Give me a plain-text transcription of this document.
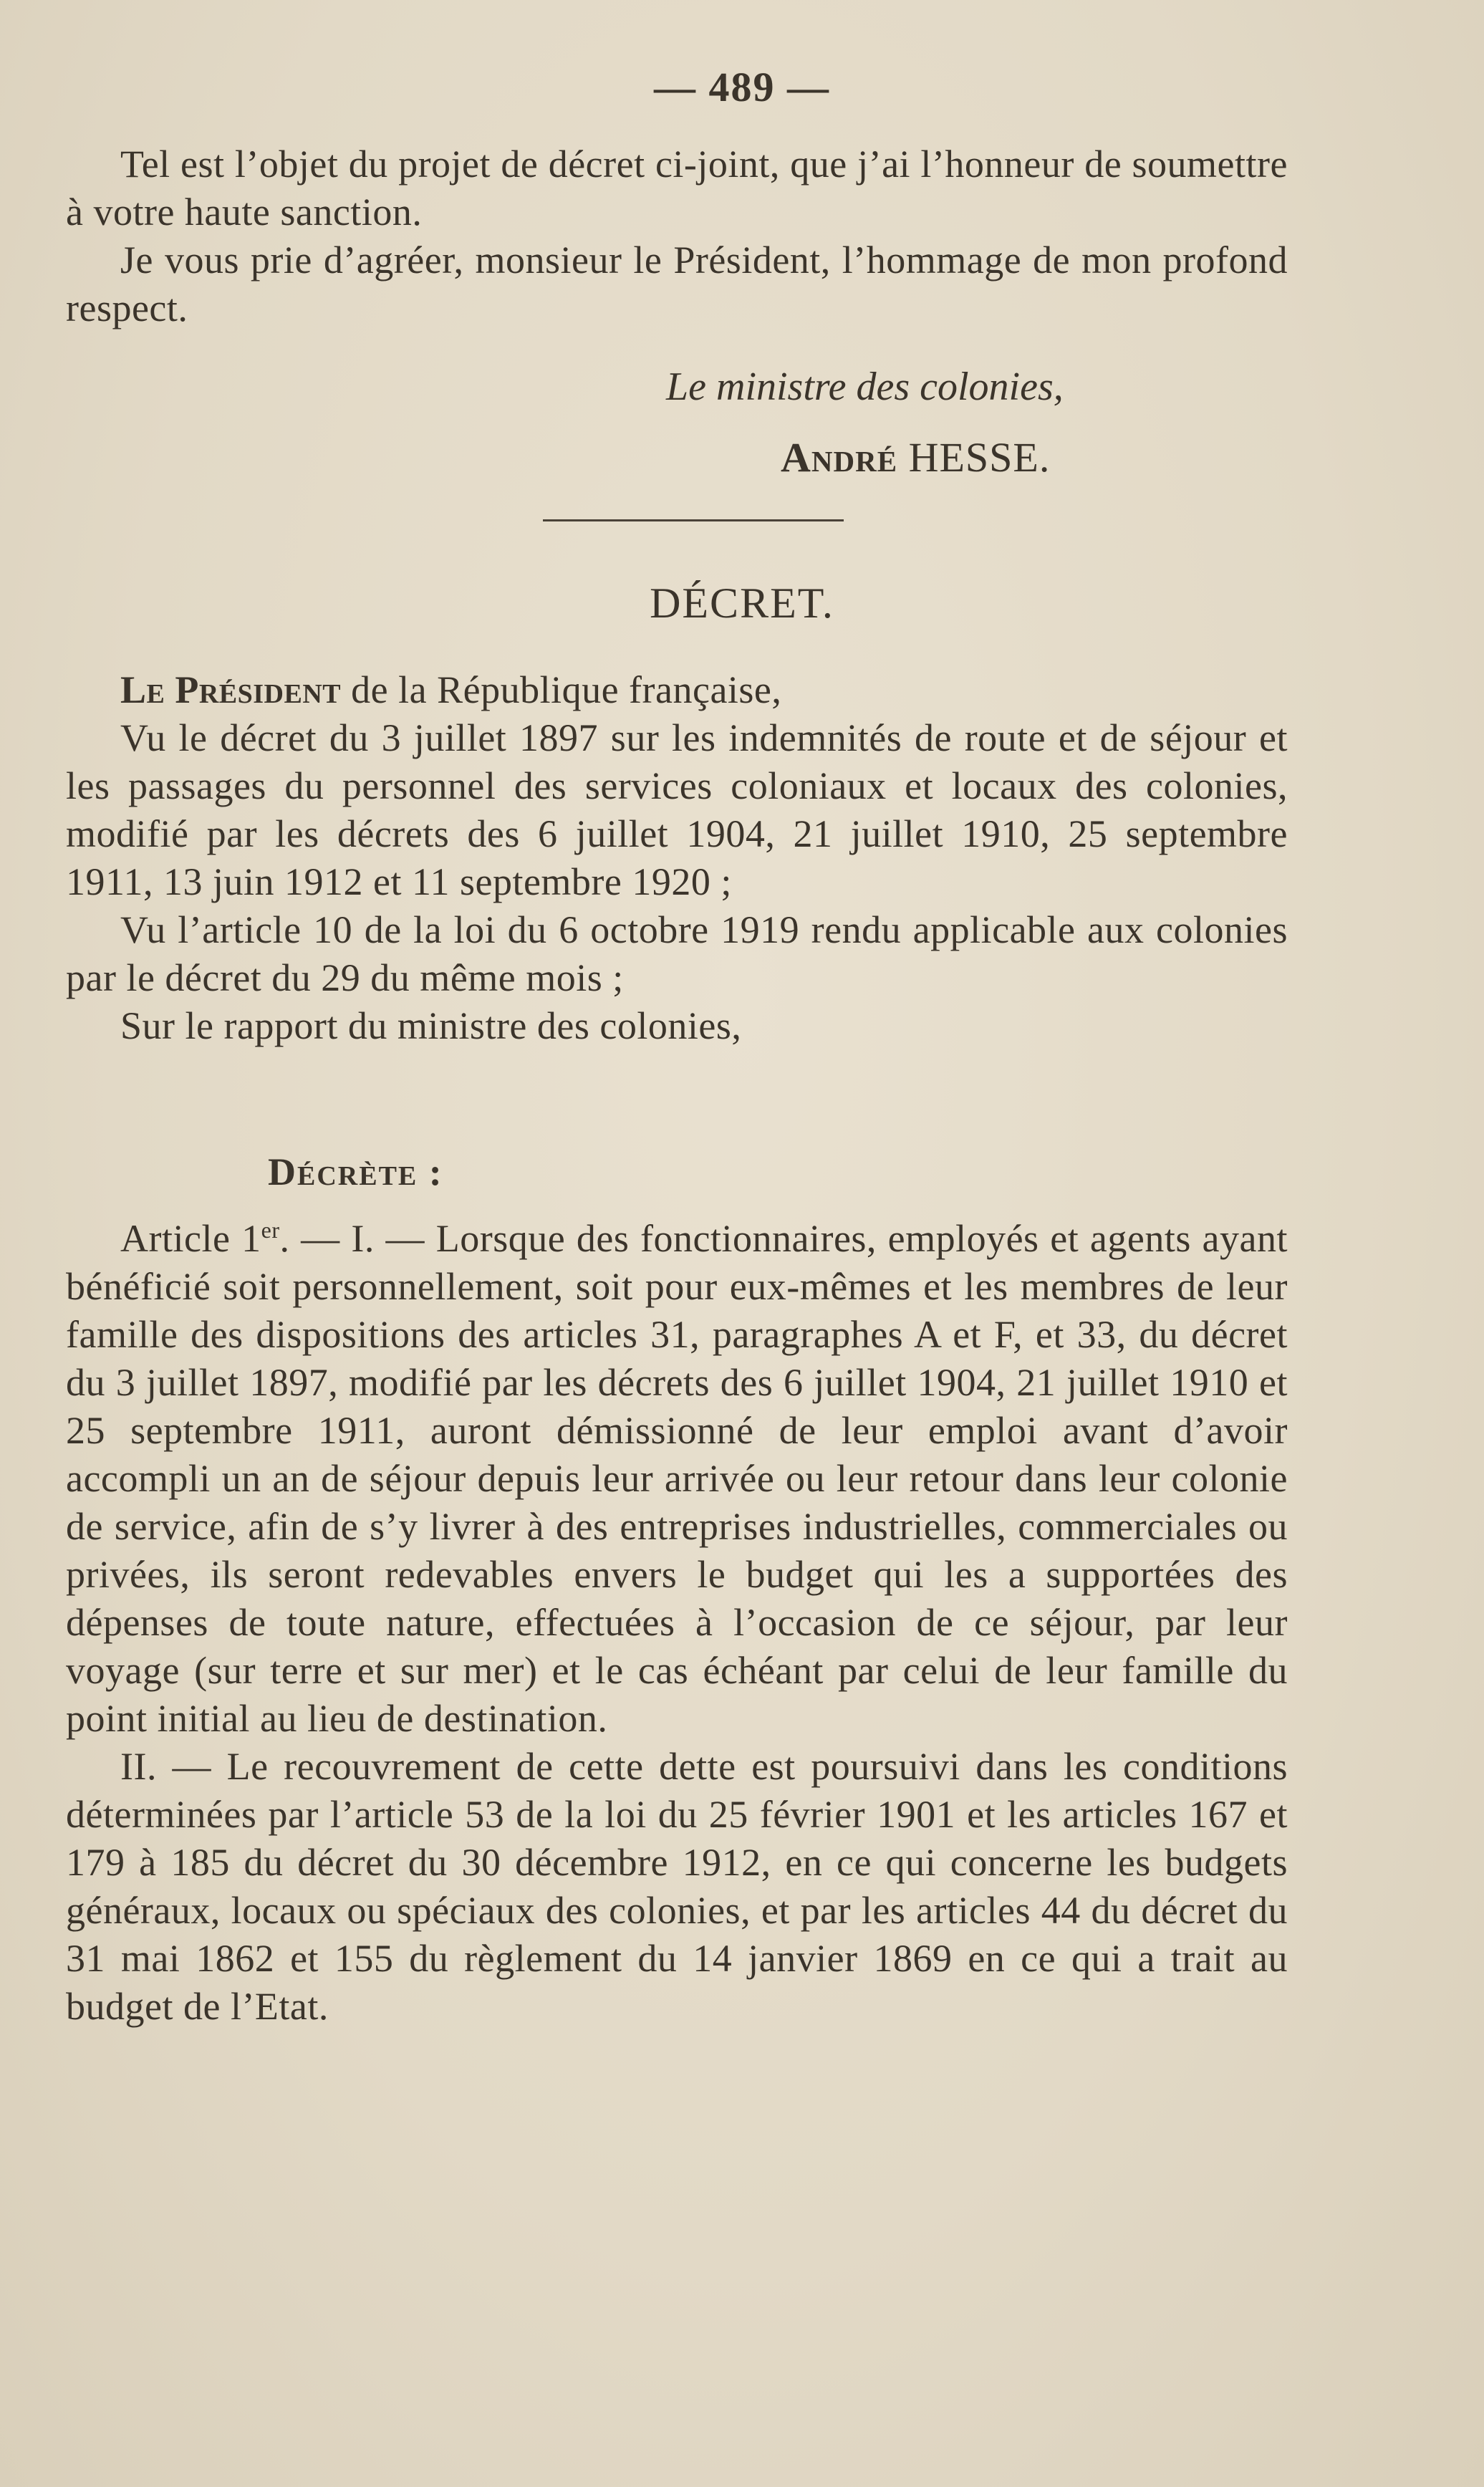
— 489 —

Tel est l’objet du projet de décret ci-joint, que j’ai l’honneur de soumettre à votre haute sanction.

Je vous prie d’agréer, monsieur le Président, l’hommage de mon profond respect.

Le ministre des colonies,
André HESSE.
DÉCRET.

Le Président de la République française,

Vu le décret du 3 juillet 1897 sur les indemnités de route et de séjour et les passages du personnel des services coloniaux et locaux des colonies, modifié par les décrets des 6 juillet 1904, 21 juillet 1910, 25 septembre 1911, 13 juin 1912 et 11 septembre 1920 ;

Vu l’article 10 de la loi du 6 octobre 1919 rendu applicable aux colonies par le décret du 29 du même mois ;

Sur le rapport du ministre des colonies,

Décrète :

Article 1er. — I. — Lorsque des fonctionnaires, employés et agents ayant bénéficié soit personnellement, soit pour eux-mêmes et les membres de leur famille des dispositions des articles 31, paragraphes A et F, et 33, du décret du 3 juillet 1897, modifié par les décrets des 6 juillet 1904, 21 juillet 1910 et 25 septembre 1911, auront démissionné de leur emploi avant d’avoir accompli un an de séjour depuis leur arrivée ou leur retour dans leur colonie de service, afin de s’y livrer à des entreprises industrielles, commerciales ou privées, ils seront redevables envers le budget qui les a supportées des dépenses de toute nature, effectuées à l’occasion de ce séjour, par leur voyage (sur terre et sur mer) et le cas échéant par celui de leur famille du point initial au lieu de destination.

II. — Le recouvrement de cette dette est poursuivi dans les conditions déterminées par l’article 53 de la loi du 25 février 1901 et les articles 167 et 179 à 185 du décret du 30 décembre 1912, en ce qui concerne les budgets généraux, locaux ou spéciaux des colonies, et par les articles 44 du décret du 31 mai 1862 et 155 du règlement du 14 janvier 1869 en ce qui a trait au budget de l’Etat.
